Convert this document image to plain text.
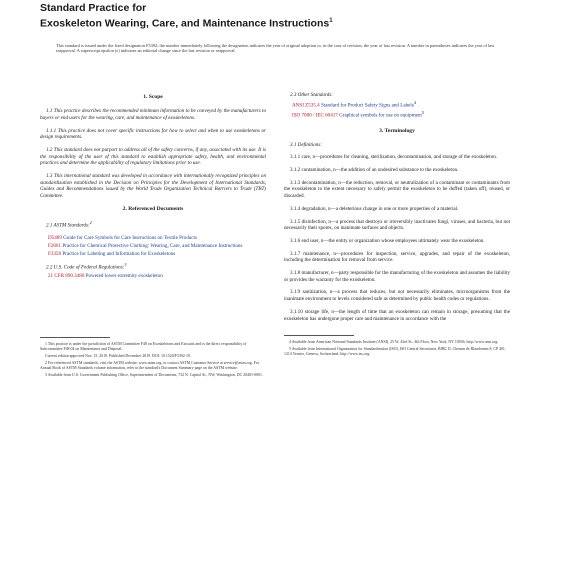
Standard Practice for
Exoskeleton Wearing, Care, and Maintenance Instructions$^1$
This standard is issued under the fixed designation F3392; the number immediately following the designation indicates the year of original adoption or, in the case of revision, the year of last revision. A number in parentheses indicates the year of last reapproval. A superscript epsilon (ε) indicates an editorial change since the last revision or reapproval.
1. Scope
1.1 This practice describes the recommended minimum information to be conveyed by the manufacturers to buyers or end users for the wearing, care, and maintenance of exoskeletons.
1.1.1 This practice does not cover specific instructions for how to select and when to use exoskeletons or design requirements.
1.2 This standard does not purport to address all of the safety concerns, if any, associated with its use. It is the responsibility of the user of this standard to establish appropriate safety, health, and environmental practices and determine the applicability of regulatory limitations prior to use.
1.3 This international standard was developed in accordance with internationally recognized principles on standardization established in the Decision on Principles for the Development of International Standards, Guides and Recommendations issued by the World Trade Organization Technical Barriers to Trade (TBT) Committee.
2. Referenced Documents
2.1 ASTM Standards:$^2$
D5489 Guide for Care Symbols for Care Instructions on Textile Products
F2061 Practice for Chemical Protective Clothing: Wearing, Care, and Maintenance Instructions
F3358 Practice for Labeling and Information for Exoskeletons
2.2 U.S. Code of Federal Regulations:$^3$
21 CFR 890.3480 Powered lower extremity exoskeleton
1 This practice is under the jurisdiction of ASTM Committee F48 on Exoskeletons and Exosuits and is the direct responsibility of Subcommittee F48.04 on Maintenance and Disposal.
Current edition approved Nov. 15, 2019. Published December 2019. DOI: 10.1520/F3392-19.
2 For referenced ASTM standards, visit the ASTM website, www.astm.org, or contact ASTM Customer Service at service@astm.org. For Annual Book of ASTM Standards volume information, refer to the standard's Document Summary page on the ASTM website.
3 Available from U.S. Government Publishing Office, Superintendent of Documents, 732 N. Capitol St., NW, Washington, DC 20401-0001.
2.3 Other Standards:
ANSI Z535.4 Standard for Product Safety Signs and Labels$^4$
ISO 7000 / IEC 60417 Graphical symbols for use on equipment$^5$
3. Terminology
3.1 Definitions:
3.1.1 care, n—procedures for cleaning, sterilization, decontamination, and storage of the exoskeleton.
3.1.2 contamination, n—the addition of an undesired substance to the exoskeleton.
3.1.3 decontamination, n—the reduction, removal, or neutralization of a contaminant or contaminants from the exoskeleton to the extent necessary to safely permit the exoskeleton to be doffed (taken off), reused, or discarded.
3.1.4 degradation, n—a deleterious change in one or more properties of a material.
3.1.5 disinfection, n—a process that destroys or irreversibly inactivates fungi, viruses, and bacteria, but not necessarily their spores, on inanimate surfaces and objects.
3.1.6 end user, n—the entity or organization whose employees ultimately wear the exoskeleton.
3.1.7 maintenance, n—procedures for inspection, service, upgrades, and repair of the exoskeleton, including the determination for removal from service.
3.1.8 manufacturer, n—party responsible for the manufacturing of the exoskeleton and assumes the liability or provides the warranty for the exoskeleton.
3.1.9 sanitization, n—a process that reduces, but not necessarily eliminates, microorganisms from the inanimate environment to levels considered safe as determined by public health codes or regulations.
3.1.10 storage life, n—the length of time that an exoskeleton can remain in storage, presuming that the exoskeleton has undergone proper care and maintenance in accordance with the
4 Available from American National Standards Institute (ANSI), 25 W. 43rd St., 4th Floor, New York, NY 10036, http://www.ansi.org.
5 Available from International Organization for Standardization (ISO), ISO Central Secretariat, BIBC II, Chemin de Blandonnet 8, CP 401, 1214 Vernier, Geneva, Switzerland, http://www.iso.org.
